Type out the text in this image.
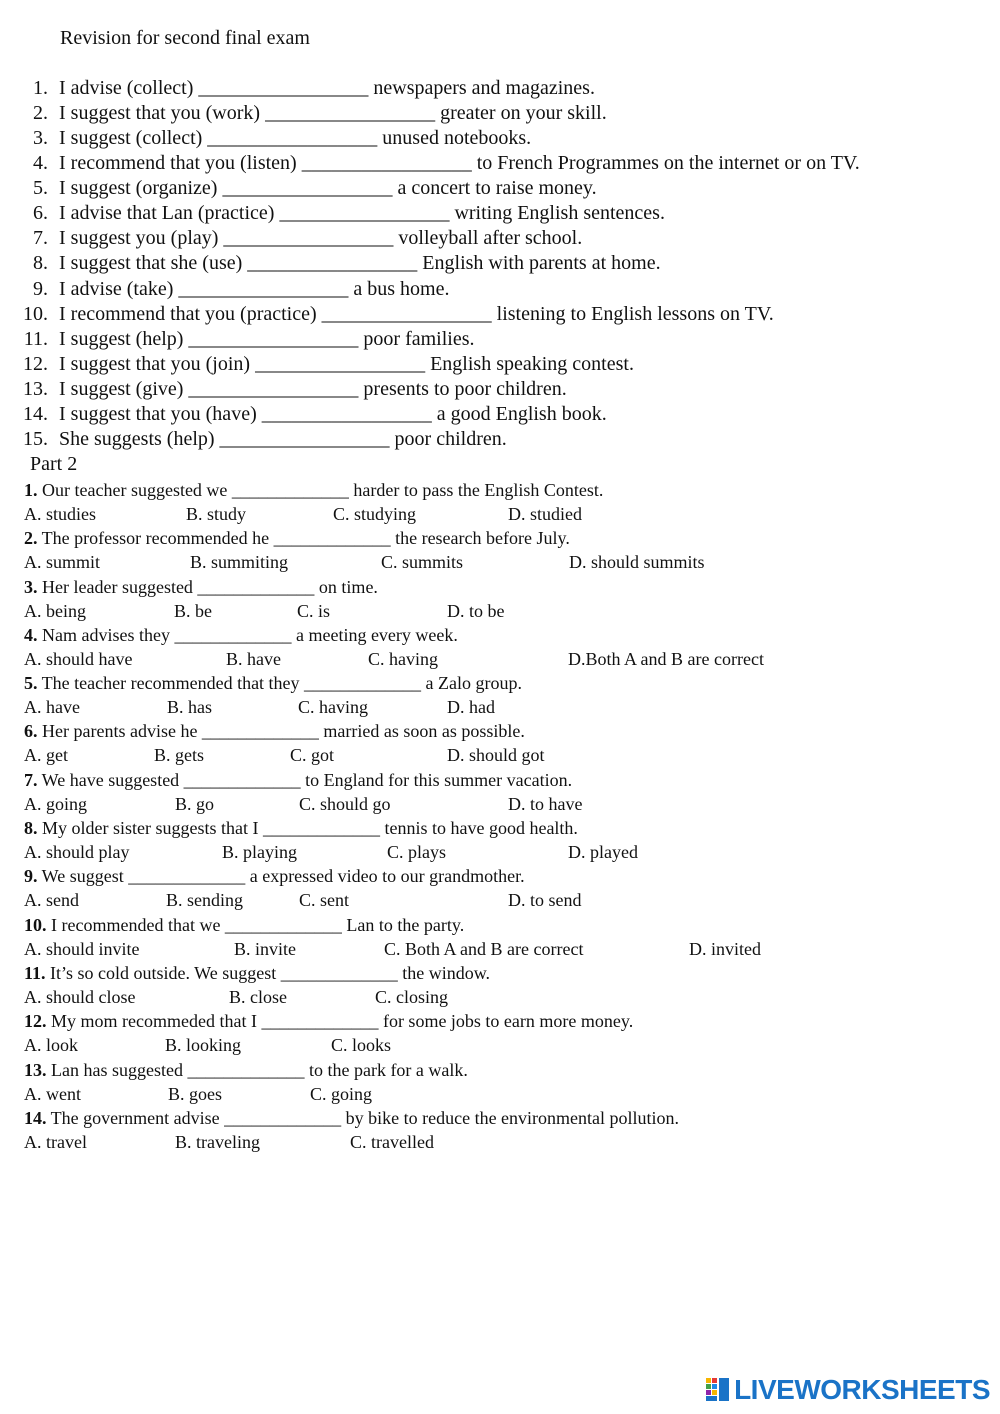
Revision for second final exam
1. I advise (collect) _________________ newspapers and magazines.
2. I suggest that you (work) _________________ greater on your skill.
3. I suggest (collect) _________________ unused notebooks.
4. I recommend that you (listen) _________________ to French Programmes on the internet or on TV.
5. I suggest (organize) _________________ a concert to raise money.
6. I advise that Lan (practice) _________________ writing English sentences.
7. I suggest you (play) _________________ volleyball after school.
8. I suggest that she (use) _________________ English with parents at home.
9. I advise (take) _________________ a bus home.
10. I recommend that you (practice) _________________ listening to English lessons on TV.
11. I suggest (help) _________________ poor families.
12. I suggest that you (join) _________________ English speaking contest.
13. I suggest (give) _________________ presents to poor children.
14. I suggest that you (have) _________________ a good English book.
15. She suggests (help) _________________ poor children.
Part 2
1. Our teacher suggested we _____________ harder to pass the English Contest.
A. studies	B. study	C. studying	D. studied
2. The professor recommended he _____________ the research before July.
A. summit	B. summiting	C. summits	D. should summits
3. Her leader suggested _____________ on time.
A. being	B. be	C. is	D. to be
4. Nam advises they _____________ a meeting every week.
A. should have	B. have	C. having	D.Both A and B are correct
5. The teacher recommended that they _____________ a Zalo group.
A. have	B. has	C. having	D. had
6. Her parents advise he _____________ married as soon as possible.
A. get	B. gets	C. got	D. should got
7. We have suggested _____________ to England for this summer vacation.
A. going	B. go	C. should go	D. to have
8. My older sister suggests that I _____________ tennis to have good health.
A. should play	B. playing	C. plays	D. played
9. We suggest _____________ a expressed video to our grandmother.
A. send	B. sending	C. sent	D. to send
10. I recommended that we _____________ Lan to the party.
A. should invite	B. invite	C. Both A and B are correct	D. invited
11. It’s so cold outside. We suggest _____________ the window.
A. should close	B. close	C. closing
12. My mom recommeded that I _____________ for some jobs to earn more money.
A. look	B. looking	C. looks
13. Lan has suggested _____________ to the park for a walk.
A. went	B. goes	C. going
14. The government advise _____________ by bike to reduce the environmental pollution.
A. travel	B. traveling	C. travelled
LIVEWORKSHEETS
